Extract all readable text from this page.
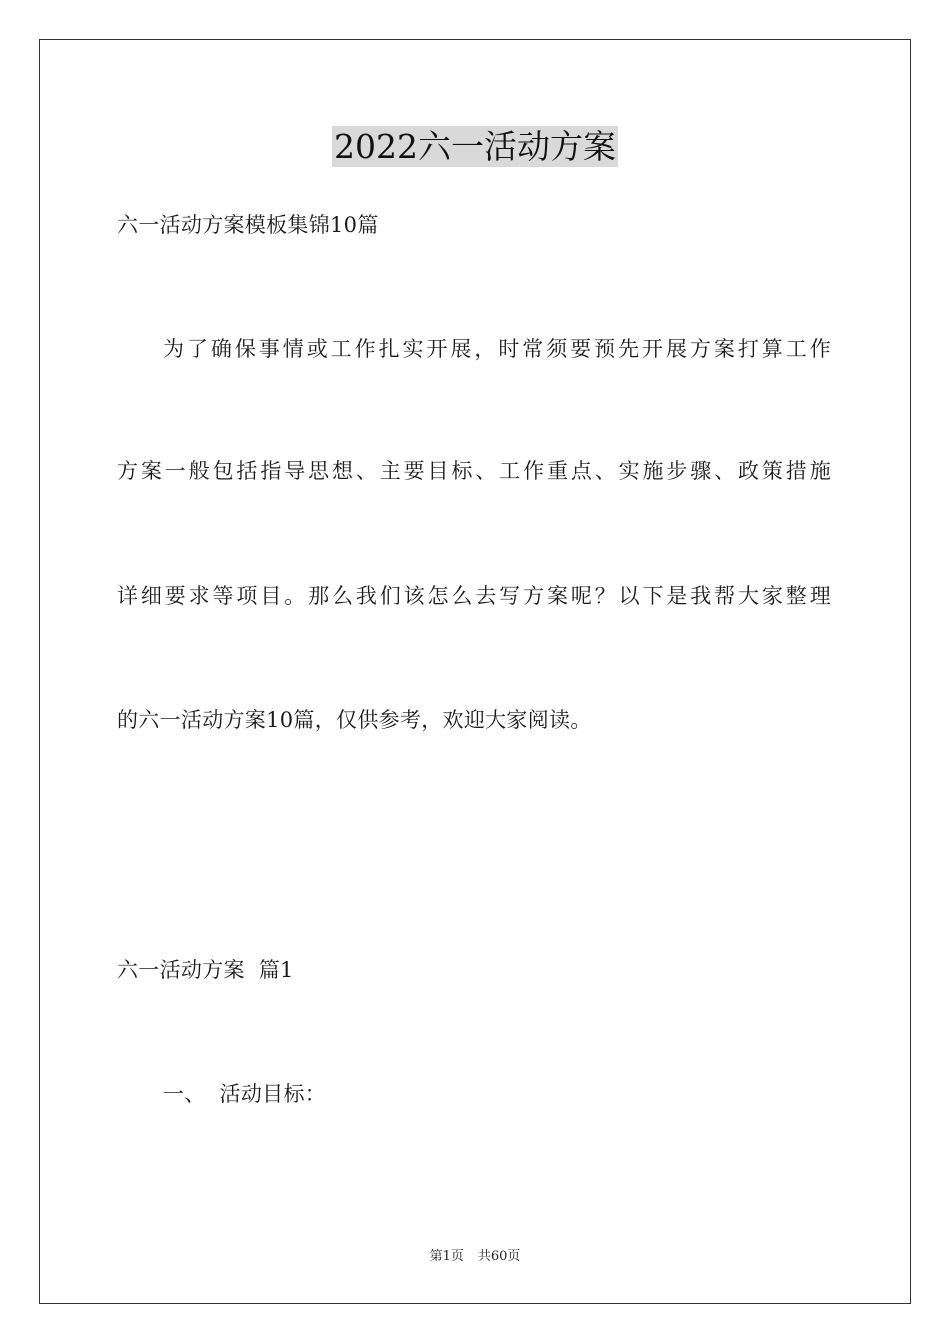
2022六一活动方案
六一活动方案模板集锦10篇
为了确保事情或工作扎实开展，时常须要预先开展方案打算工作
方案一般包括指导思想、主要目标、工作重点、实施步骤、政策措施
详细要求等项目。那么我们该怎么去写方案呢？以下是我帮大家整理
的六一活动方案10篇，仅供参考，欢迎大家阅读。
六一活动方案  篇1
一、  活动目标：
第1页 共60页
